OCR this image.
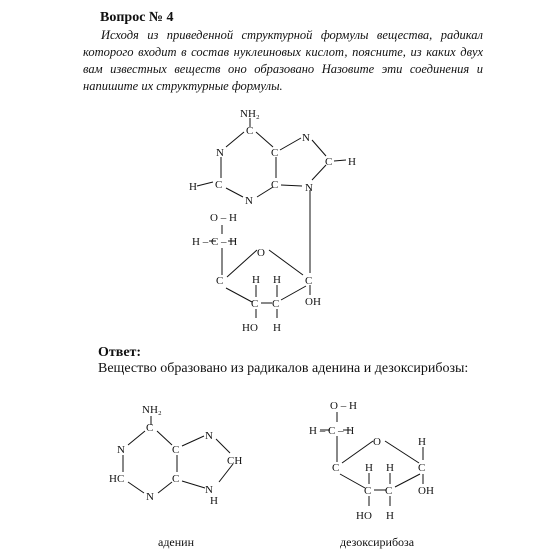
Вопрос № 4
Исходя из приведенной структурной формулы вещества, радикал которого входит в состав нуклеиновых кислот, поясните, из каких двух вам известных веществ оно образовано Назовите эти соединения и напишите их структурные формулы.
Ответ:
Вещество образовано из радикалов аденина и дезоксирибозы:
NH₂
C
N	C
N
C H
H C	C
N
N
O – H
H – C – H
O
C	H H C
C C OH
HO H
NH₂
C
N	C
N
CH
HC	C
N
N
H
O – H
H – C – H
O	H
C H H C
C C OH
HO H
аденин	дезоксирибоза
